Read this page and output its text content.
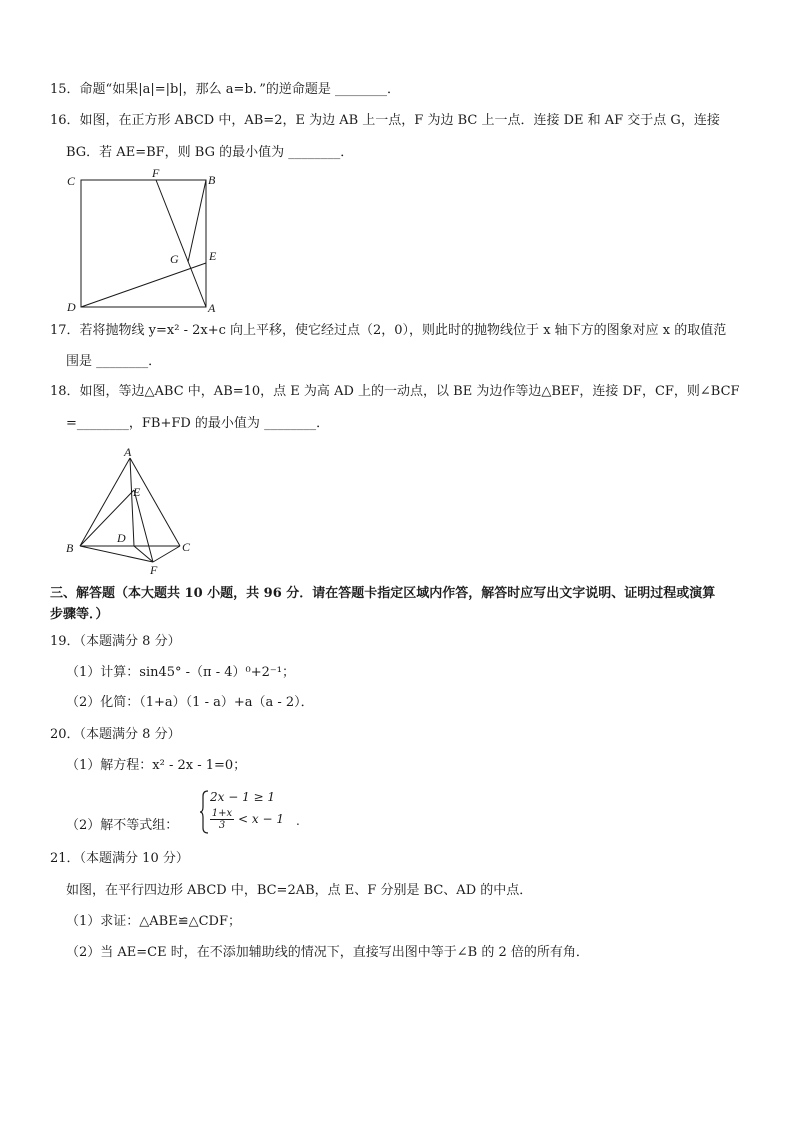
15．命题“如果|a|=|b|，那么 a=b．”的逆命题是 ________．
16．如图，在正方形 ABCD 中，AB=2，E 为边 AB 上一点，F 为边 BC 上一点．连接 DE 和 AF 交于点 G，连接
BG．若 AE=BF，则 BG 的最小值为 ________．
C
F	B
G	E
D	A
17．若将抛物线 y=x² - 2x+c 向上平移，使它经过点（2，0），则此时的抛物线位于 x 轴下方的图象对应 x 的取值范
围是 ________．
18．如图，等边△ABC 中，AB=10，点 E 为高 AD 上的一动点，以 BE 为边作等边△BEF，连接 DF，CF，则∠BCF
=________，FB+FD 的最小值为 ________．
A
E
D
B	C
F
三、解答题（本大题共 10 小题，共 96 分．请在答题卡指定区域内作答，解答时应写出文字说明、证明过程或演算
步骤等．）
19．（本题满分 8 分）
（1）计算：sin45° -（π - 4）⁰+2⁻¹；
（2）化简：（1+a）（1 - a）+a（a - 2）．
20．（本题满分 8 分）
（1）解方程：x² - 2x - 1=0；
（2）解不等式组：
2x − 1 ≥ 1
$\frac{1+x}{3} < x - 1$ .
21．（本题满分 10 分）
如图，在平行四边形 ABCD 中，BC=2AB，点 E、F 分别是 BC、AD 的中点．
（1）求证：△ABE≌△CDF；
（2）当 AE=CE 时，在不添加辅助线的情况下，直接写出图中等于∠B 的 2 倍的所有角．
